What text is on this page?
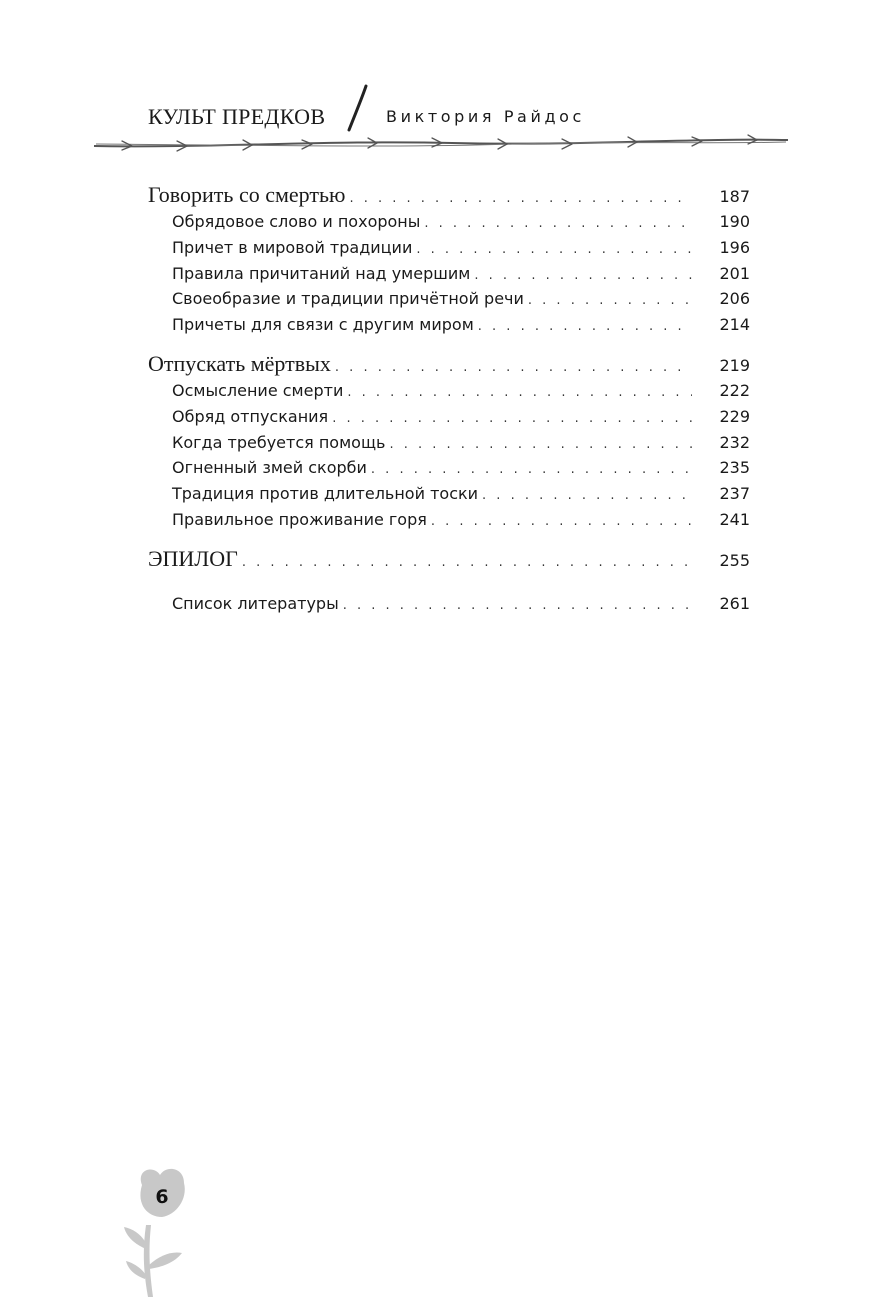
КУЛЬТ ПРЕДКОВ	Виктория Райдос
Говорить со смертью . . .	187
Обрядовое слово и похороны . . .	190
Причет в мировой традиции . . .	196
Правила причитаний над умершим . . .	201
Своеобразие и традиции причётной речи . . .	206
Причеты для связи с другим миром . . .	214
Отпускать мёртвых . . .	219
Осмысление смерти . . .	222
Обряд отпускания . . .	229
Когда требуется помощь . . .	232
Огненный змей скорби . . .	235
Традиция против длительной тоски . . .	237
Правильное проживание горя . . .	241
ЭПИЛОГ . . .	255
Список литературы . . .	261
6
